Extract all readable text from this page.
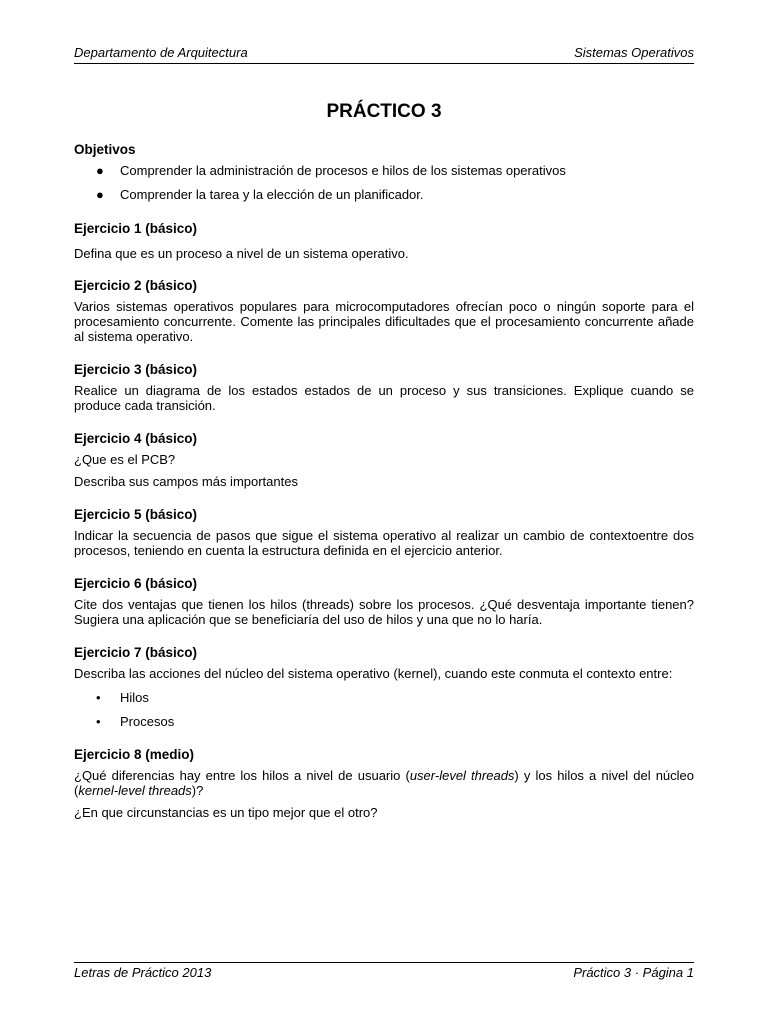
Departamento de Arquitectura	Sistemas Operativos
PRÁCTICO 3
Objetivos
● Comprender la administración de procesos e hilos de los sistemas operativos
● Comprender la tarea y la elección de un planificador.
Ejercicio 1 (básico)

Defina que es un proceso a nivel de un sistema operativo.

Ejercicio 2 (básico)

Varios sistemas operativos populares para microcomputadores ofrecían poco o ningún soporte para el procesamiento concurrente. Comente las principales dificultades que el procesamiento concurrente añade al sistema operativo.

Ejercicio 3 (básico)

Realice un diagrama de los estados estados de un proceso y sus transiciones. Explique cuando se produce cada transición.

Ejercicio 4 (básico)

¿Que es el PCB?

Describa sus campos más importantes

Ejercicio 5 (básico)

Indicar la secuencia de pasos que sigue el sistema operativo al realizar un cambio de contextoentre dos procesos, teniendo en cuenta la estructura definida en el ejercicio anterior.

Ejercicio 6 (básico)

Cite dos ventajas que tienen los hilos (threads) sobre los procesos. ¿Qué desventaja importante tienen? Sugiera una aplicación que se beneficiaría del uso de hilos y una que no lo haría.

Ejercicio 7 (básico)

Describa las acciones del núcleo del sistema operativo (kernel), cuando este conmuta el contexto entre:

• Hilos
• Procesos
Ejercicio 8 (medio)

¿Qué diferencias hay entre los hilos a nivel de usuario (user-level threads) y los hilos a nivel del núcleo (kernel-level threads)?

¿En que circunstancias es un tipo mejor que el otro?

Letras de Práctico 2013	Práctico 3 · Página 1
